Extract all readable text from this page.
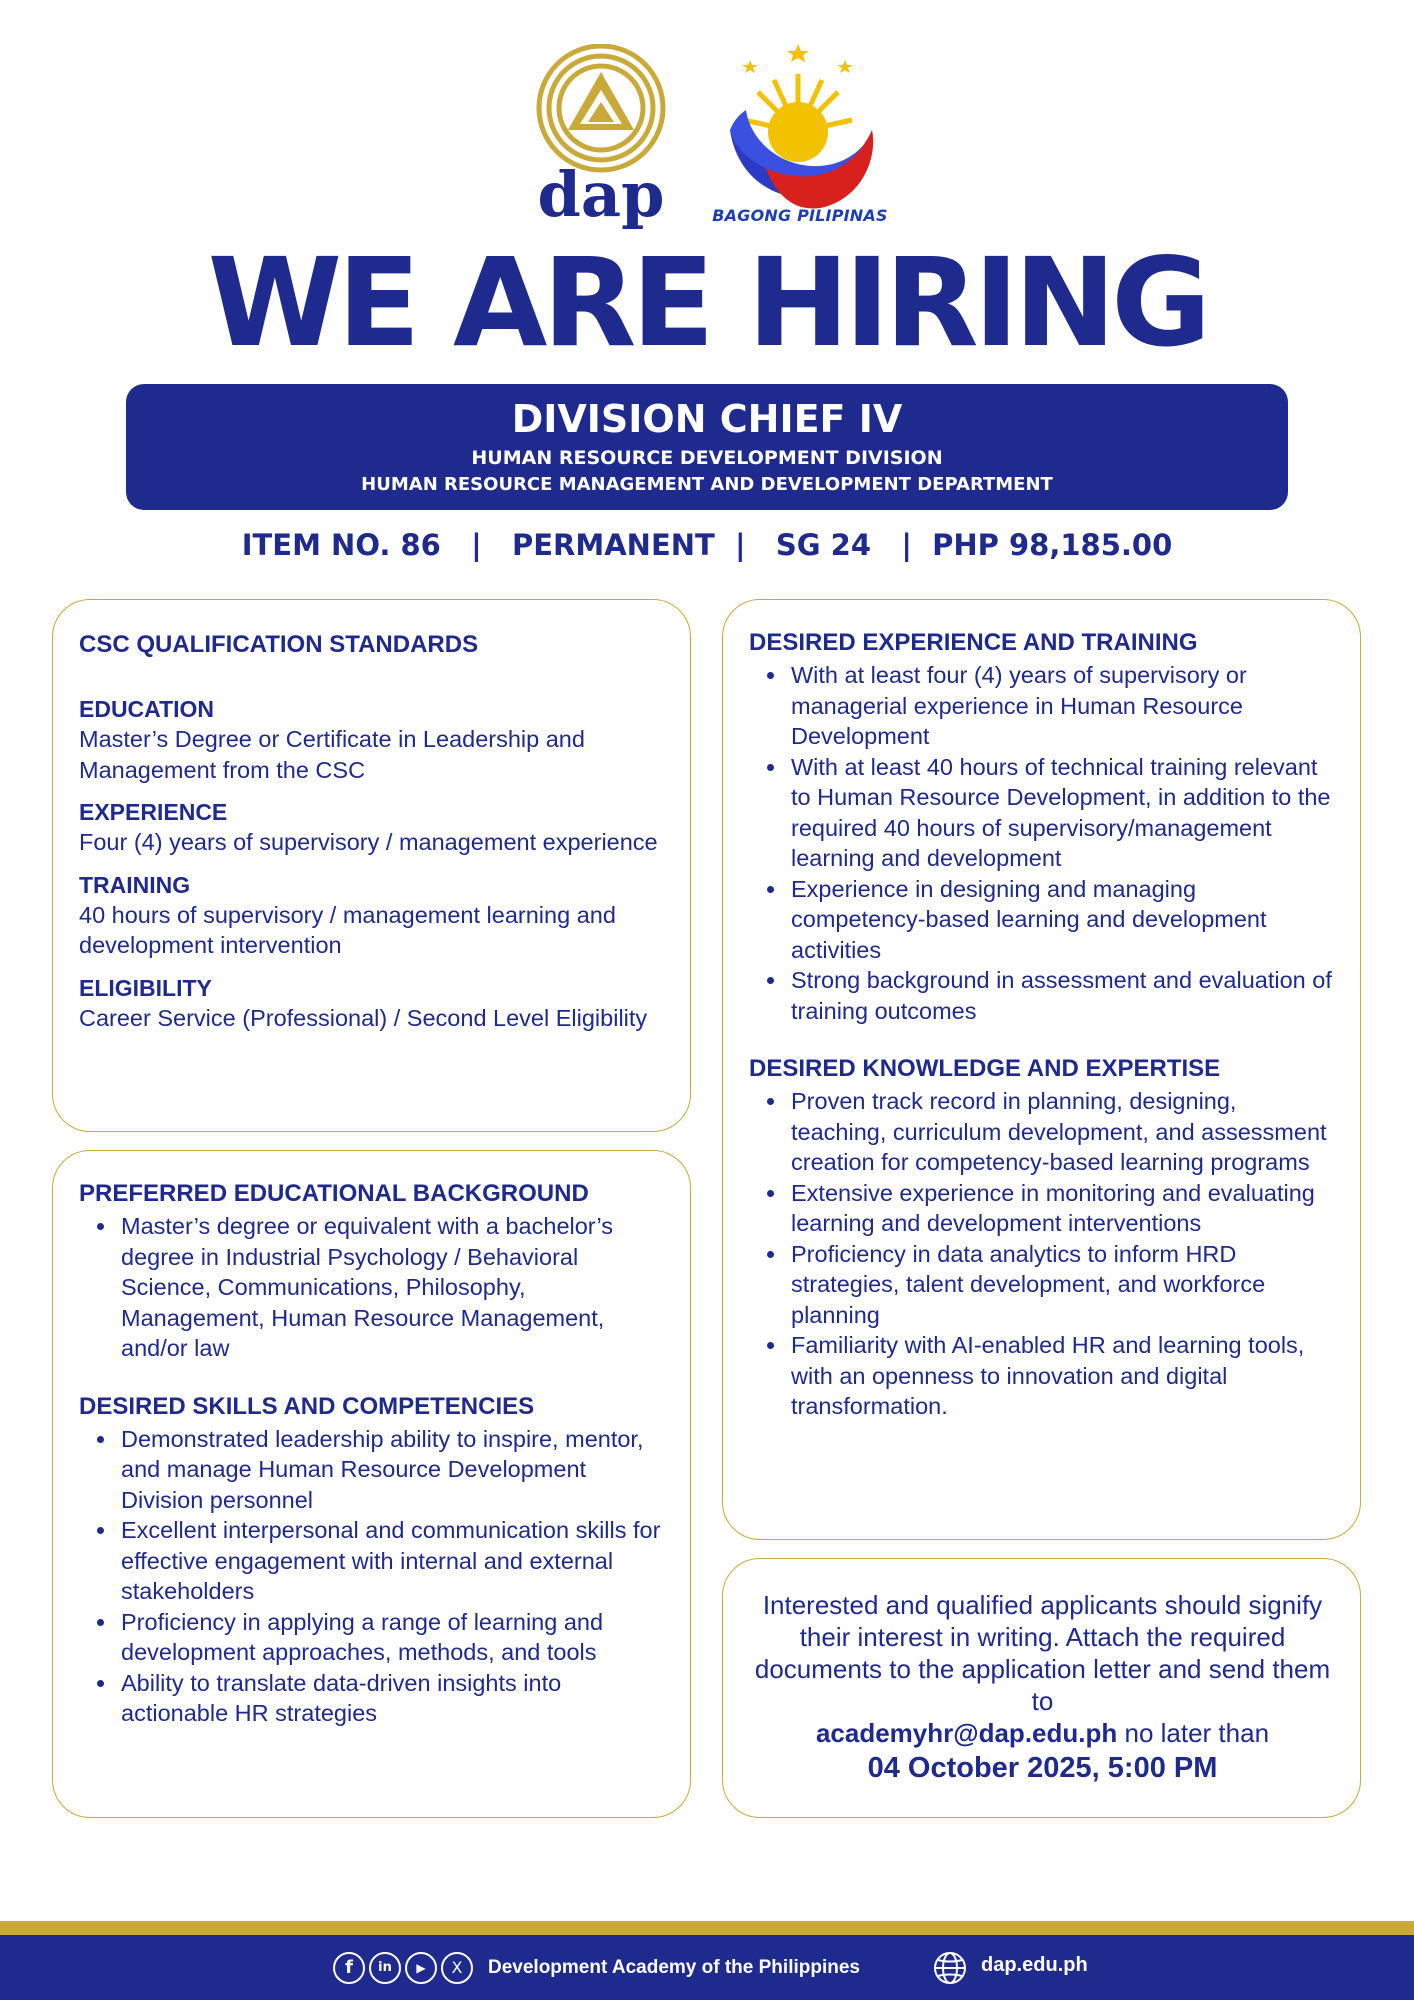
dap	BAGONG PILIPINAS
WE ARE HIRING
DIVISION CHIEF IV
HUMAN RESOURCE DEVELOPMENT DIVISION
HUMAN RESOURCE MANAGEMENT AND DEVELOPMENT DEPARTMENT
ITEM NO. 86   |   PERMANENT  |   SG 24   |  PHP 98,185.00
CSC QUALIFICATION STANDARDS
EDUCATION
Master’s Degree or Certificate in Leadership and Management from the CSC
EXPERIENCE
Four (4) years of supervisory / management experience
TRAINING
40 hours of supervisory / management learning and development intervention
ELIGIBILITY
Career Service (Professional) / Second Level Eligibility
PREFERRED EDUCATIONAL BACKGROUND
Master’s degree or equivalent with a bachelor’s degree in Industrial Psychology / Behavioral Science, Communications, Philosophy, Management, Human Resource Management, and/or law
DESIRED SKILLS AND COMPETENCIES
Demonstrated leadership ability to inspire, mentor, and manage Human Resource Development Division personnel
Excellent interpersonal and communication skills for effective engagement with internal and external stakeholders
Proficiency in applying a range of learning and development approaches, methods, and tools
Ability to translate data-driven insights into actionable HR strategies
DESIRED EXPERIENCE AND TRAINING
With at least four (4) years of supervisory or managerial experience in Human Resource Development
With at least 40 hours of technical training relevant to Human Resource Development, in addition to the required 40 hours of supervisory/management learning and development
Experience in designing and managing competency-based learning and development activities
Strong background in assessment and evaluation of training outcomes
DESIRED KNOWLEDGE AND EXPERTISE
Proven track record in planning, designing, teaching, curriculum development, and assessment creation for competency-based learning programs
Extensive experience in monitoring and evaluating learning and development interventions
Proficiency in data analytics to inform HRD strategies, talent development, and workforce planning
Familiarity with AI-enabled HR and learning tools, with an openness to innovation and digital transformation.
Interested and qualified applicants should signify their interest in writing. Attach the required documents to the application letter and send them to
academyhr@dap.edu.ph no later than
04 October 2025, 5:00 PM
f	in	▶	X	Development Academy of the Philippines	dap.edu.ph
